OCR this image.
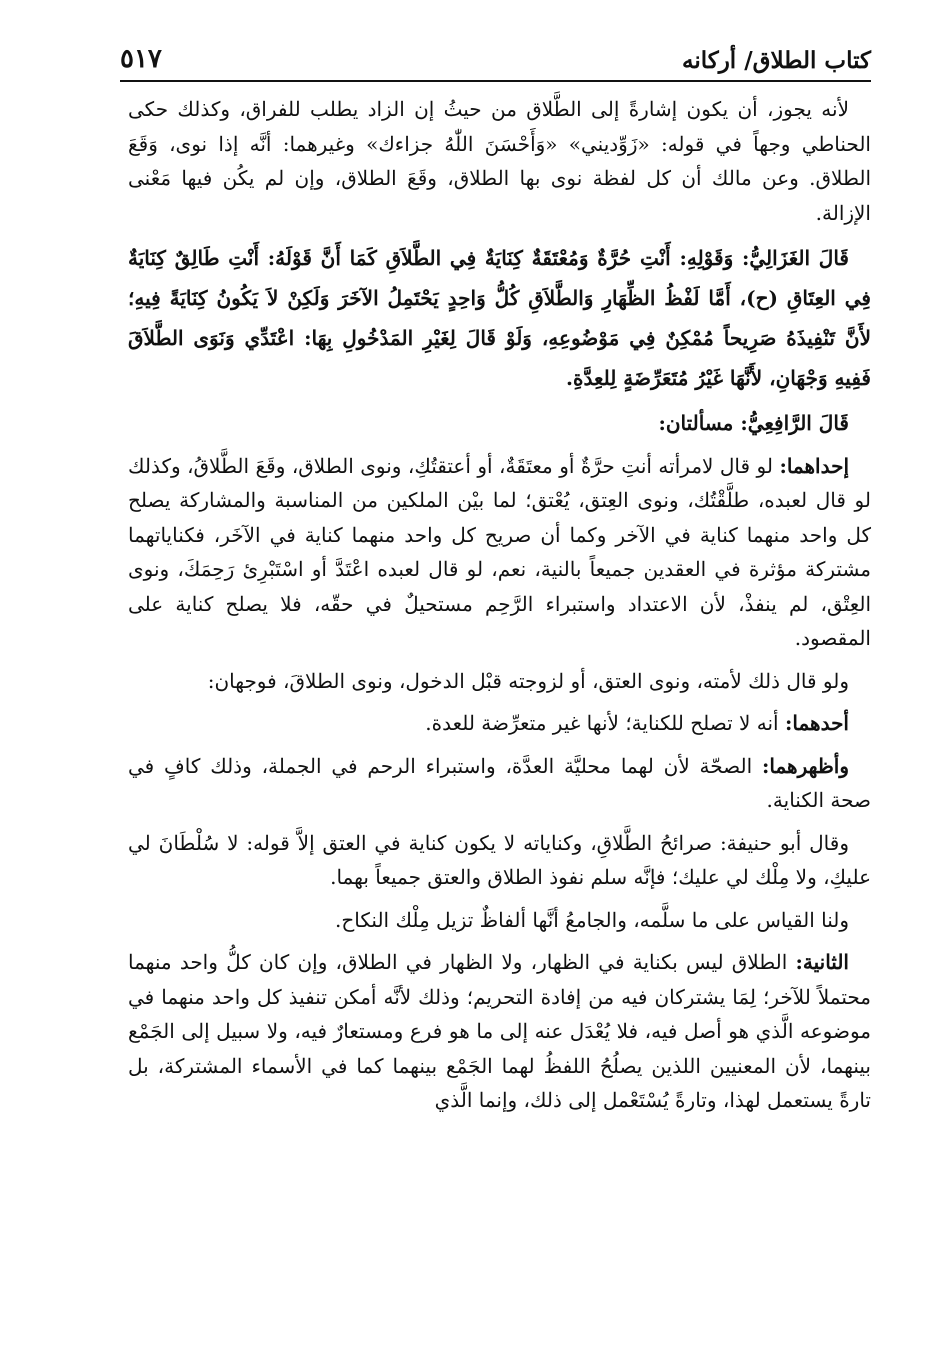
كتاب الطلاق/ أركانه
٥١٧

لأنه يجوز، أن يكون إشارةً إلى الطَّلاق من حيثُ إن الزاد يطلب للفراق، وكذلك حكى الحناطي وجهاً في قوله: «زَوِّديني» «وَأَحْسَنَ اللّٰهُ جزاءك» وغيرهما: أنَّه إذا نوى، وَقَعَ الطلاق. وعن مالك أن كل لفظة نوى بها الطلاق، وقَعَ الطلاق، وإن لم يكُن فيها مَعْنى الإزالة.

قَالَ الغَزَالِيُّ: وَقَوْلِهِ: أَنْتِ حُرَّةٌ وَمُعْتَقَةٌ كِنَايَةٌ فِي الطَّلاَقِ كَمَا أَنَّ قَوْلَهُ: أَنْتِ طَالِقٌ كِنَايَةٌ فِي العِتَاقِ (ح)، أَمَّا لَفْظُ الظِّهَارِ وَالطَّلاَقِ كُلُّ وَاحِدٍ يَحْتَمِلُ الآخَرَ وَلَكِنْ لاَ يَكُونُ كِنَايَةً فِيهِ؛ لأَنَّ تَنْفِيذَهُ صَرِيحاً مُمْكِنٌ فِي مَوْضُوعِهِ، وَلَوْ قَالَ لِغَيْرِ المَدْخُولِ بِهَا: اعْتَدِّي وَنَوَى الطَّلاَقَ فَفِيهِ وَجْهَانِ، لأَنَّهَا غَيْرُ مُتَعَرِّضَةٍ لِلعِدَّةِ.

قَالَ الرَّافِعِيُّ: مسألتان:

إحداهما: لو قال لامرأته أنتِ حرَّةٌ أو معتَقَةٌ، أو أعتقتُكِ، ونوى الطلاق، وقَعَ الطَّلاقُ، وكذلك لو قال لعبده، طلَّقْتُك، ونوى العِتق، يُعْتق؛ لما بيْن الملكين من المناسبة والمشاركة يصلح كل واحد منهما كناية في الآخر وكما أن صريح كل واحد منهما كناية في الآخَر، فكناياتهما مشتركة مؤثرة في العقدين جميعاً بالنية، نعم، لو قال لعبده اعْتَدَّ أو اسْتَبْرِئ رَحِمَكَ، ونوى العِتْق، لم ينفذْ، لأن الاعتداد واستبراء الرَّحِم مستحيلٌ في حقّه، فلا يصلح كناية على المقصود.

ولو قال ذلك لأمته، ونوى العتق، أو لزوجته قبْل الدخول، ونوى الطلاقَ، فوجهان:

أحدهما: أنه لا تصلح للكناية؛ لأنها غير متعرِّضة للعدة.

وأظهرهما: الصحّة لأن لهما محليَّة العدَّة، واستبراء الرحم في الجملة، وذلك كافٍ في صحة الكناية.

وقال أبو حنيفة: صرائحُ الطَّلاقِ، وكناياته لا يكون كناية في العتق إلاَّ قوله: لا سُلْطَانَ لي عليكِ، ولا مِلْك لي عليك؛ فإنَّه سلم نفوذ الطلاق والعتق جميعاً بهما.

ولنا القياس على ما سلَّمه، والجامعُ أنَّها ألفاظٌ تزيل مِلْك النكاح.

الثانية: الطلاق ليس بكناية في الظهار، ولا الظهار في الطلاق، وإن كان كلُّ واحد منهما محتملاً للآخر؛ لِمَا يشتركان فيه من إفادة التحريم؛ وذلك لأنَّه أمكن تنفيذ كل واحد منهما في موضوعه الَّذي هو أصل فيه، فلا يُعْدَل عنه إلى ما هو فرع ومستعارٌ فيه، ولا سبيل إلى الجَمْع بينهما، لأن المعنيين اللذين يصلُحُ اللفظُ لهما الجَمْع بينهما كما في الأسماء المشتركة، بل تارةً يستعمل لهذا، وتارةً يُسْتَعْمل إلى ذلك، وإنما الَّذي
